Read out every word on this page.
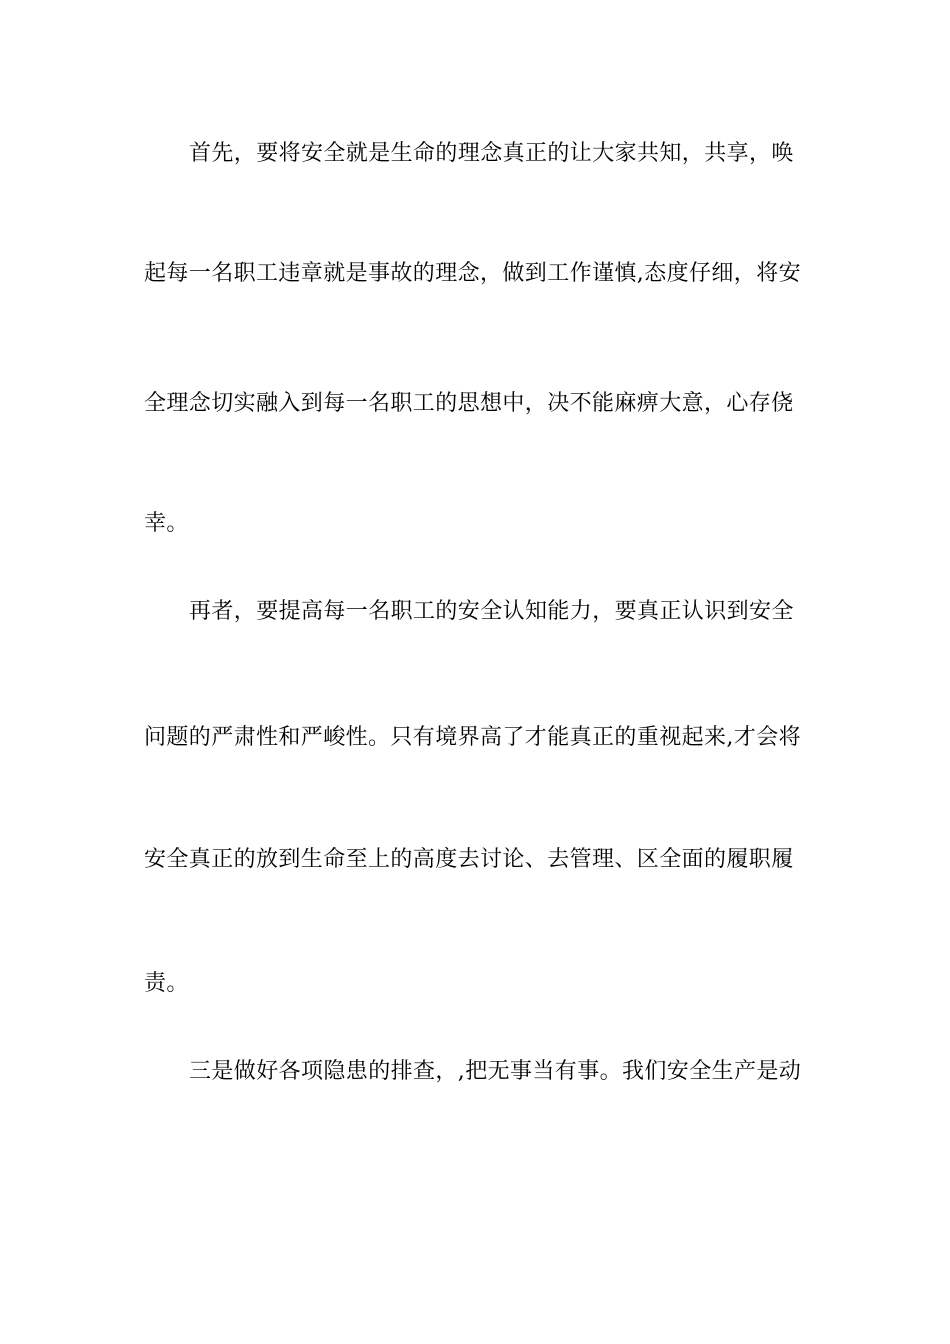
首先，要将安全就是生命的理念真正的让大家共知，共享，唤
起每一名职工违章就是事故的理念，做到工作谨慎,态度仔细，将安
全理念切实融入到每一名职工的思想中，决不能麻痹大意，心存侥
幸。
再者，要提高每一名职工的安全认知能力，要真正认识到安全
问题的严肃性和严峻性。只有境界高了才能真正的重视起来,才会将
安全真正的放到生命至上的高度去讨论、去管理、区全面的履职履
责。
三是做好各项隐患的排查，,把无事当有事。我们安全生产是动
